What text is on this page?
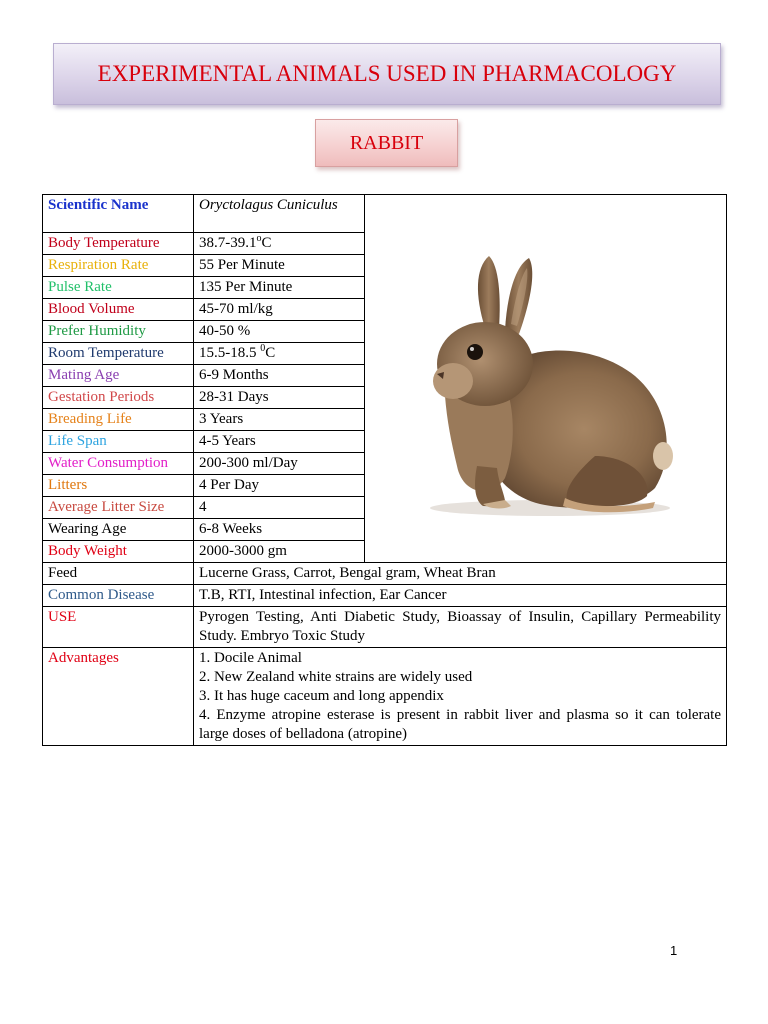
EXPERIMENTAL ANIMALS USED IN PHARMACOLOGY
RABBIT
Scientific Name	Oryctolagus Cuniculus	
Body Temperature	38.7-39.1$^o$C	
Respiration Rate	55 Per Minute	
Pulse Rate	135 Per Minute	
Blood Volume	45-70 ml/kg	
Prefer Humidity	40-50 %	
Room Temperature	15.5-18.5 $^0$C	
Mating Age	6-9 Months	
Gestation Periods	28-31 Days	
Breading Life	3 Years	
Life Span	4-5 Years	
Water Consumption	200-300 ml/Day	
Litters	4 Per Day	
Average Litter Size	4	
Wearing Age	6-8 Weeks	
Body Weight	2000-3000 gm	
Feed	Lucerne Grass, Carrot, Bengal gram, Wheat Bran	
Common Disease	T.B, RTI, Intestinal infection, Ear Cancer	
USE	Pyrogen Testing, Anti Diabetic Study, Bioassay of Insulin, Capillary Permeability Study. Embryo Toxic Study	
Advantages	1. Docile Animal
2. New Zealand white strains are widely used
3. It has huge caceum and long appendix
4. Enzyme atropine esterase is present in rabbit liver and plasma so it can tolerate large doses of belladona (atropine)	
1
